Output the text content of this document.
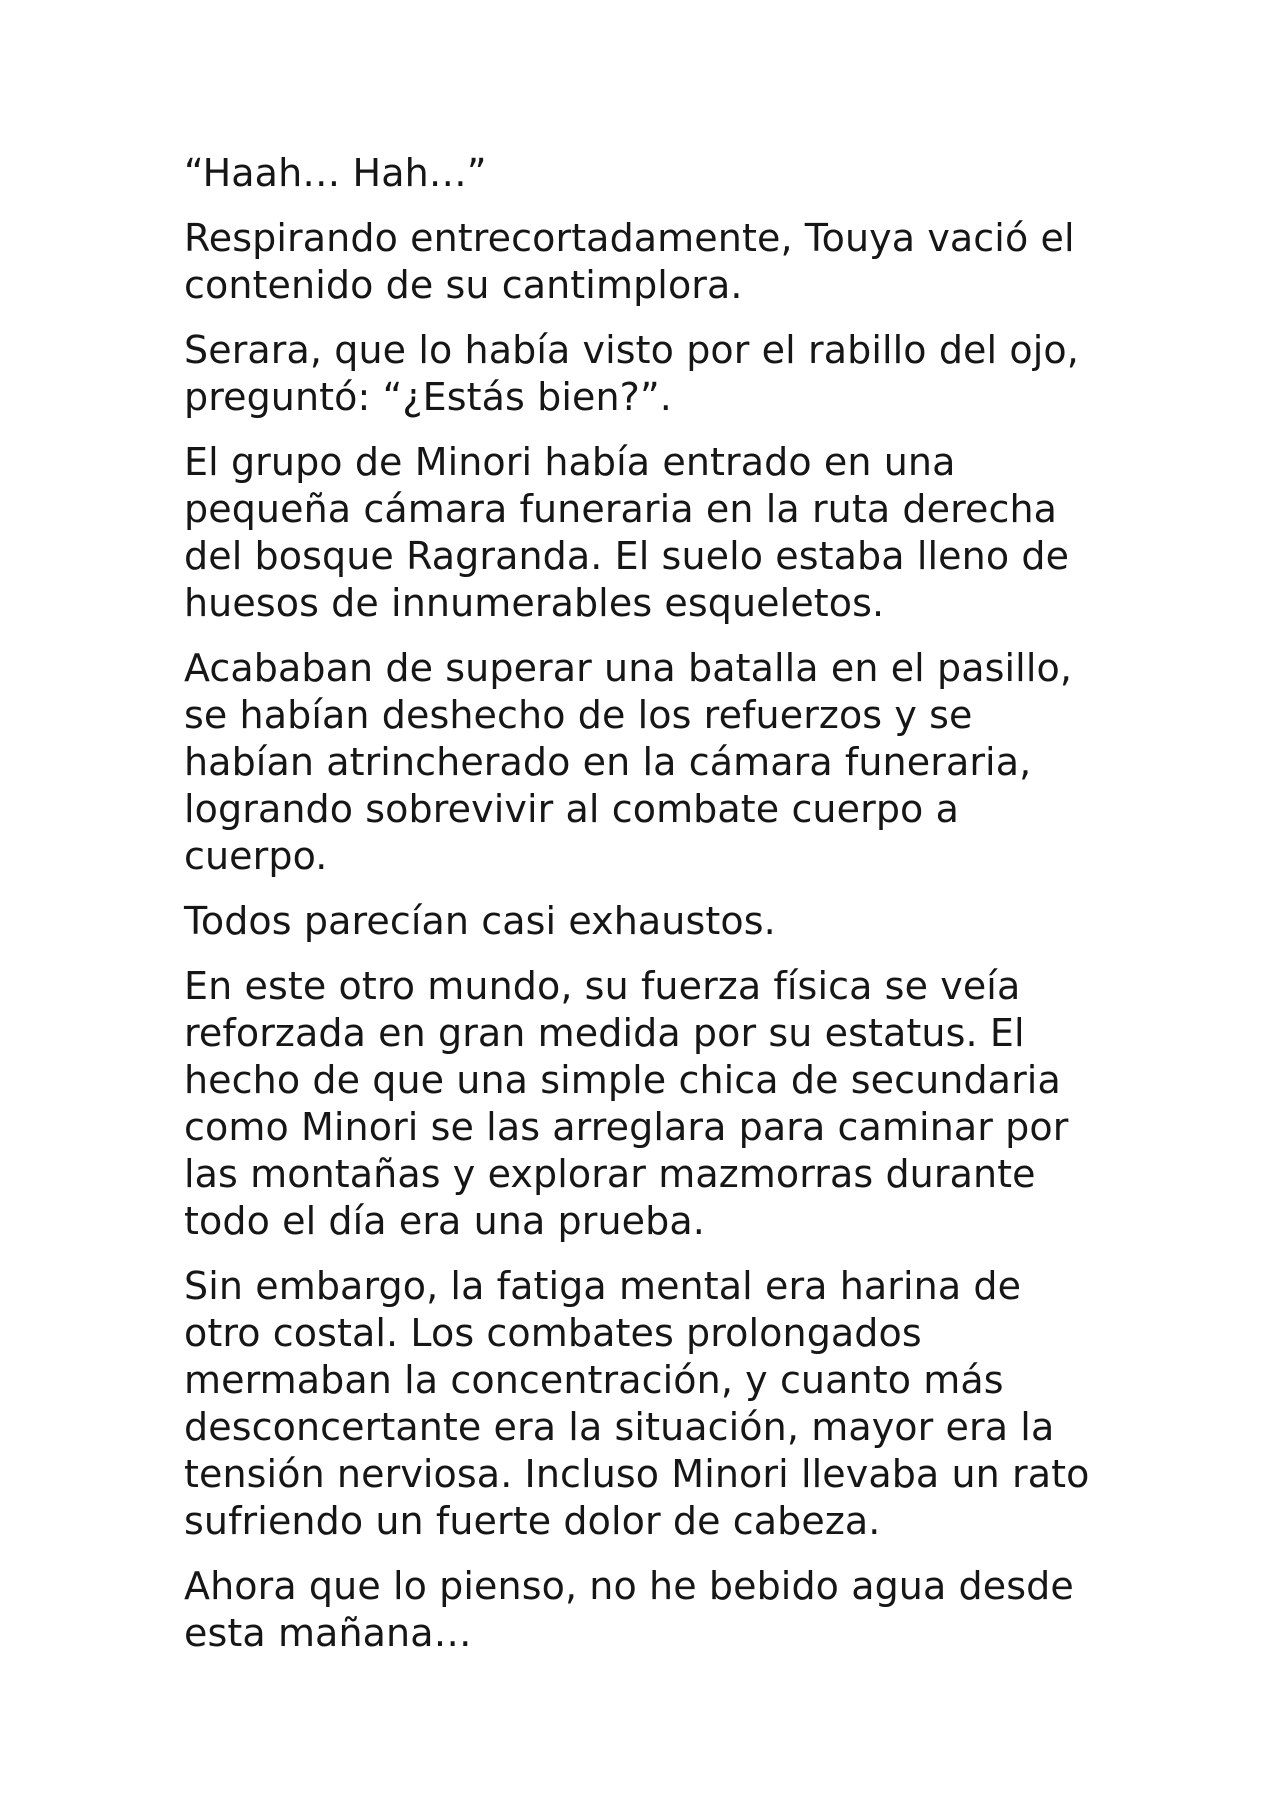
“Haah… Hah…”

Respirando entrecortadamente, Touya vació el contenido de su cantimplora.

Serara, que lo había visto por el rabillo del ojo, preguntó: “¿Estás bien?”.

El grupo de Minori había entrado en una pequeña cámara funeraria en la ruta derecha del bosque Ragranda. El suelo estaba lleno de huesos de innumerables esqueletos.

Acababan de superar una batalla en el pasillo, se habían deshecho de los refuerzos y se habían atrincherado en la cámara funeraria, logrando sobrevivir al combate cuerpo a cuerpo.

Todos parecían casi exhaustos.

En este otro mundo, su fuerza física se veía reforzada en gran medida por su estatus. El hecho de que una simple chica de secundaria como Minori se las arreglara para caminar por las montañas y explorar mazmorras durante todo el día era una prueba.

Sin embargo, la fatiga mental era harina de otro costal. Los combates prolongados mermaban la concentración, y cuanto más desconcertante era la situación, mayor era la tensión nerviosa. Incluso Minori llevaba un rato sufriendo un fuerte dolor de cabeza.

Ahora que lo pienso, no he bebido agua desde esta mañana…
